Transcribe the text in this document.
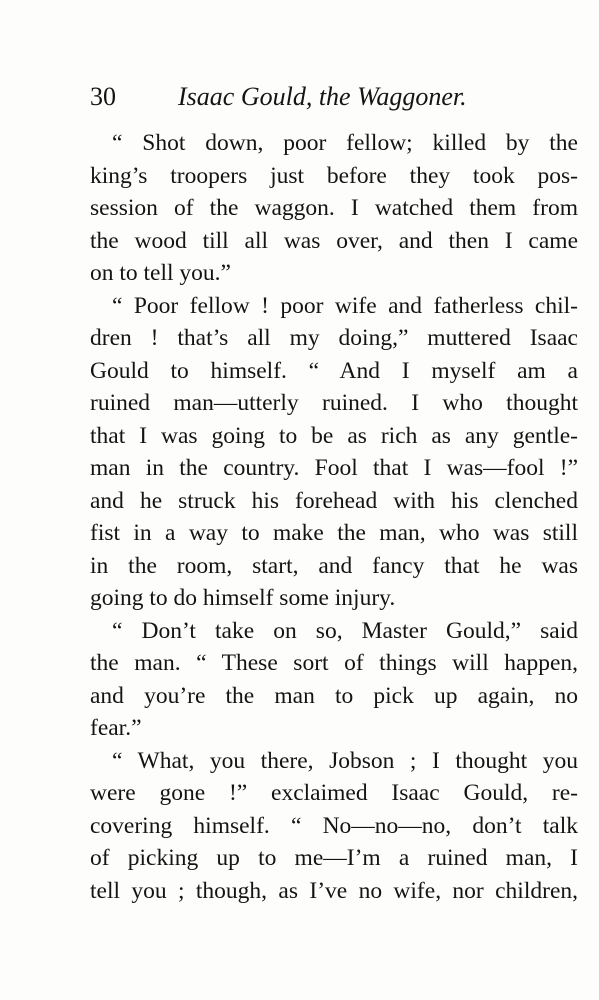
30 Isaac Gould, the Waggoner.
“ Shot down, poor fellow; killed by the
king’s troopers just before they took pos-
session of the waggon. I watched them from
the wood till all was over, and then I came
on to tell you.”
“ Poor fellow ! poor wife and fatherless chil-
dren ! that’s all my doing,” muttered Isaac
Gould to himself. “ And I myself am a
ruined man—utterly ruined. I who thought
that I was going to be as rich as any gentle-
man in the country. Fool that I was—fool !”
and he struck his forehead with his clenched
fist in a way to make the man, who was still
in the room, start, and fancy that he was
going to do himself some injury.
“ Don’t take on so, Master Gould,” said
the man. “ These sort of things will happen,
and you’re the man to pick up again, no
fear.”
“ What, you there, Jobson ; I thought you
were gone !” exclaimed Isaac Gould, re-
covering himself. “ No—no—no, don’t talk
of picking up to me—I’m a ruined man, I
tell you ; though, as I’ve no wife, nor children,
